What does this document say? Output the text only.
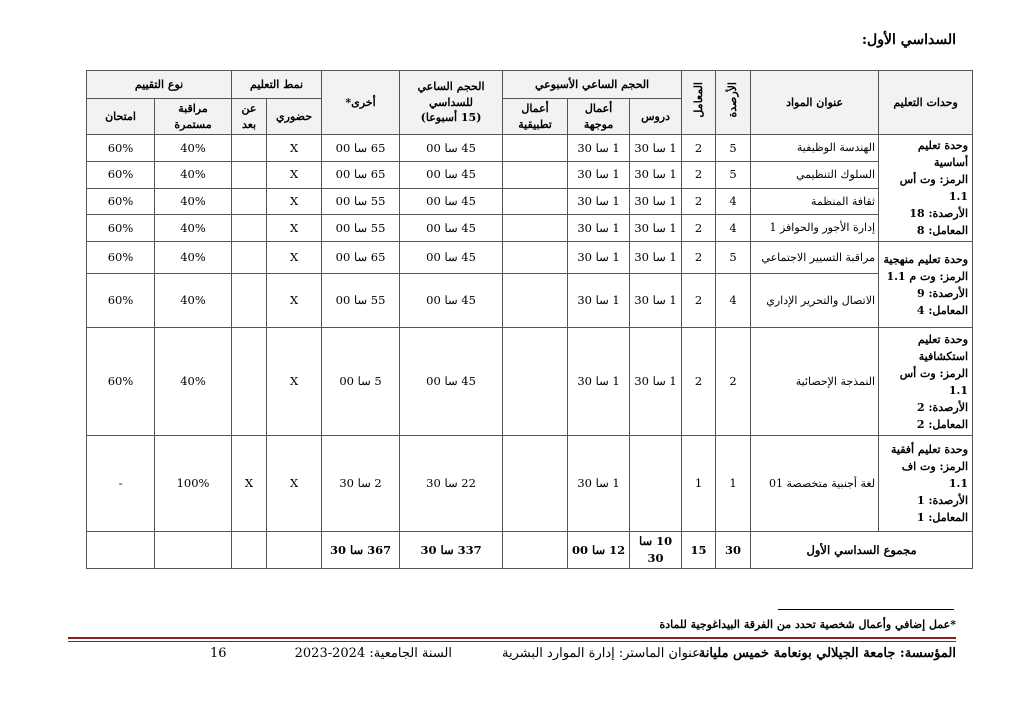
السداسي الأول:
وحدات التعليم	عنوان المواد	الأرصدة	المعامل	الحجم الساعي الأسبوعي			الحجم الساعي
للسداسي
(15 أسبوعا)	أخرى*	نمط التعليم		نوع التقييم	
				دروس	أعمال موجهة	أعمال تطبيقية			حضوري	عن بعد	مراقبة مستمرة	امتحان

وحدة تعليم أساسية
الرمز: وت أس 1.1
الأرصدة: 18
المعامل: 8	الهندسة الوظيفية	5	2	1 سا 30	1 سا 30		45 سا 00	65 سا 00	X		40%	60%
	السلوك التنظيمي	5	2	1 سا 30	1 سا 30		45 سا 00	65 سا 00	X		40%	60%
	ثقافة المنظمة	4	2	1 سا 30	1 سا 30		45 سا 00	55 سا 00	X		40%	60%
	إدارة الأجور والحوافز 1	4	2	1 سا 30	1 سا 30		45 سا 00	55 سا 00	X		40%	60%

وحدة تعليم منهجية
الرمز: وت م 1.1
الأرصدة: 9
المعامل: 4	مراقبة التسيير الاجتماعي	5	2	1 سا 30	1 سا 30		45 سا 00	65 سا 00	X		40%	60%
	الاتصال والتحرير الإداري	4	2	1 سا 30	1 سا 30		45 سا 00	55 سا 00	X		40%	60%

وحدة تعليم
استكشافية
الرمز: وت أس 1.1
الأرصدة: 2
المعامل: 2	النمذجة الإحصائية	2	2	1 سا 30	1 سا 30		45 سا 00	5 سا 00	X		40%	60%

وحدة تعليم أفقية
الرمز: وت اف 1.1
الأرصدة: 1
المعامل: 1	لغة أجنبية متخصصة 01	1	1		1 سا 30		22 سا 30	2 سا 30	X	X	100%	-
مجموع السداسي الأول		30	15	10 سا 30	12 سا 00		337 سا 30	367 سا 30				
*عمل إضافي وأعمال شخصية تحدد من الفرقة البيداغوجية للمادة
المؤسسة: جامعة الجيلالي بونعامة خميس مليانة
عنوان الماستر: إدارة الموارد البشرية
السنة الجامعية: 2024-2023
16
